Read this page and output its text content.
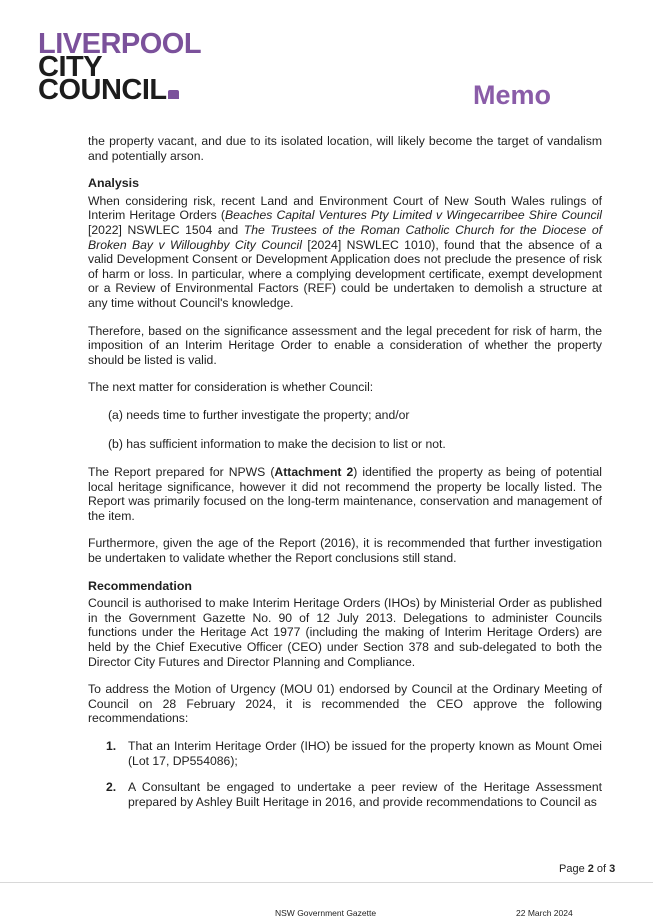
LIVERPOOL
CITY
COUNCIL	Memo

the property vacant, and due to its isolated location, will likely become the target of vandalism and potentially arson.

Analysis

When considering risk, recent Land and Environment Court of New South Wales rulings of Interim Heritage Orders (Beaches Capital Ventures Pty Limited v Wingecarribee Shire Council [2022] NSWLEC 1504 and The Trustees of the Roman Catholic Church for the Diocese of Broken Bay v Willoughby City Council [2024] NSWLEC 1010), found that the absence of a valid Development Consent or Development Application does not preclude the presence of risk of harm or loss. In particular, where a complying development certificate, exempt development or a Review of Environmental Factors (REF) could be undertaken to demolish a structure at any time without Council's knowledge.

Therefore, based on the significance assessment and the legal precedent for risk of harm, the imposition of an Interim Heritage Order to enable a consideration of whether the property should be listed is valid.

The next matter for consideration is whether Council:

(a) needs time to further investigate the property; and/or

(b) has sufficient information to make the decision to list or not.

The Report prepared for NPWS (Attachment 2) identified the property as being of potential local heritage significance, however it did not recommend the property be locally listed. The Report was primarily focused on the long-term maintenance, conservation and management of the item.

Furthermore, given the age of the Report (2016), it is recommended that further investigation be undertaken to validate whether the Report conclusions still stand.

Recommendation

Council is authorised to make Interim Heritage Orders (IHOs) by Ministerial Order as published in the Government Gazette No. 90 of 12 July 2013. Delegations to administer Councils functions under the Heritage Act 1977 (including the making of Interim Heritage Orders) are held by the Chief Executive Officer (CEO) under Section 378 and sub-delegated to both the Director City Futures and Director Planning and Compliance.

To address the Motion of Urgency (MOU 01) endorsed by Council at the Ordinary Meeting of Council on 28 February 2024, it is recommended the CEO approve the following recommendations:

1. That an Interim Heritage Order (IHO) be issued for the property known as Mount Omei (Lot 17, DP554086);
2. A Consultant be engaged to undertake a peer review of the Heritage Assessment prepared by Ashley Built Heritage in 2016, and provide recommendations to Council as
Page 2 of 3
NSW Government Gazette	22 March 2024
